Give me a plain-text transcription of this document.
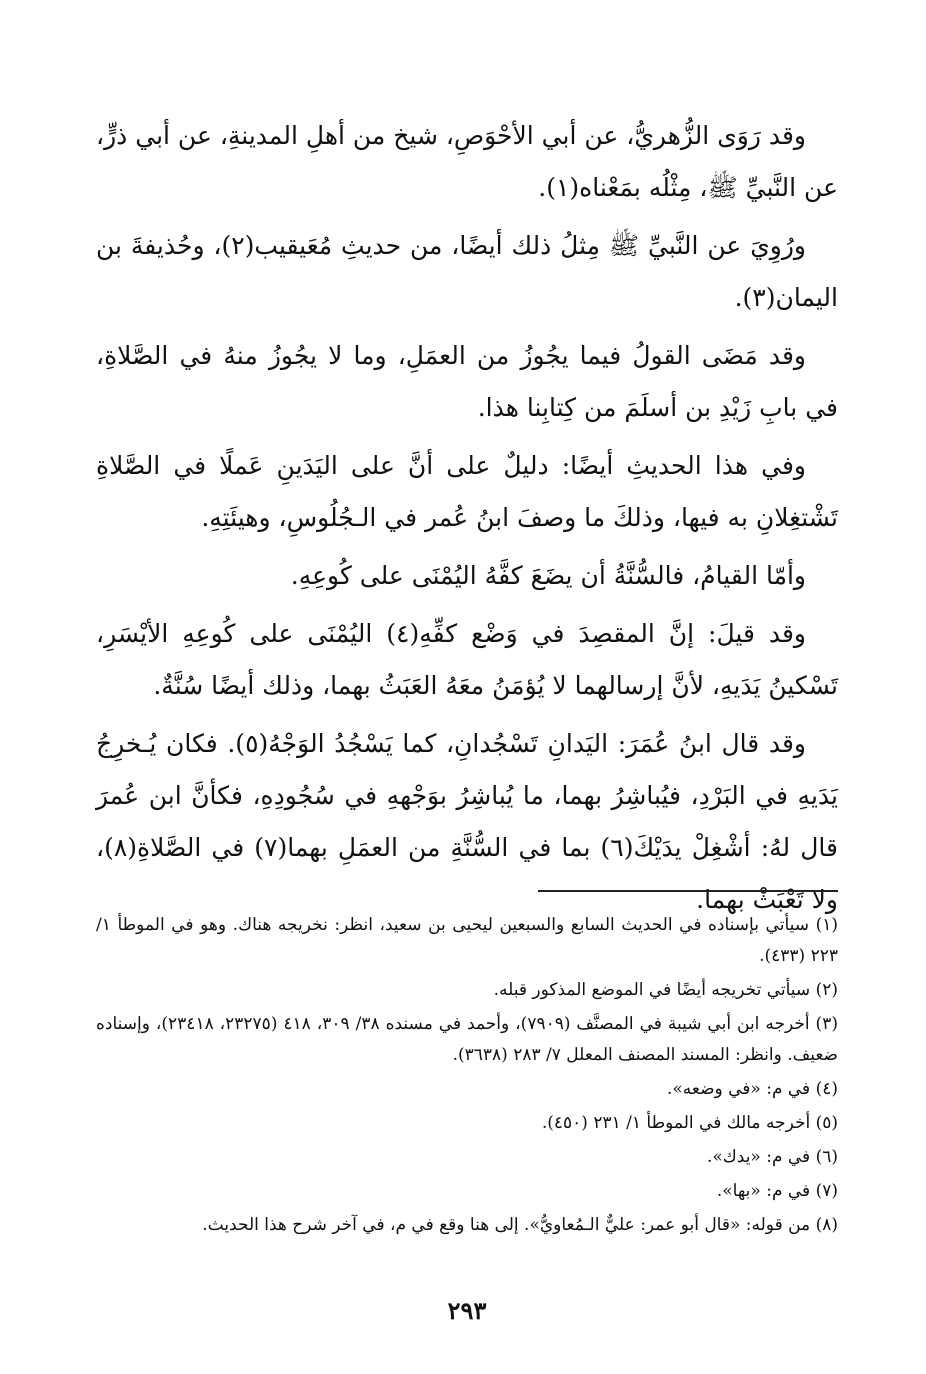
وقد رَوَى الزُّهريُّ، عن أبي الأحْوَصِ، شيخ من أهلِ المدينةِ، عن أبي ذرٍّ، عن النَّبيِّ ﷺ، مِثْلُه بمَعْناه(١).

ورُوِيَ عن النَّبيِّ ﷺ مِثلُ ذلك أيضًا، من حديثِ مُعَيقيب(٢)، وحُذيفةَ بن اليمان(٣).

وقد مَضَى القولُ فيما يجُوزُ من العمَلِ، وما لا يجُوزُ منهُ في الصَّلاةِ، في بابِ زَيْدِ بن أسلَمَ من كِتابِنا هذا.

وفي هذا الحديثِ أيضًا: دليلٌ على أنَّ على اليَدَينِ عَملًا في الصَّلاةِ تَشْتغِلانِ به فيها، وذلكَ ما وصفَ ابنُ عُمر في الـجُلُوسِ، وهيئَتِهِ.

وأمّا القيامُ، فالسُّنَّةُ أن يضَعَ كفَّهُ اليُمْنَى على كُوعِهِ.

وقد قيلَ: إنَّ المقصِدَ في وَضْع كفِّهِ(٤) اليُمْنَى على كُوعِهِ الأيْسَرِ، تَسْكينُ يَدَيهِ، لأنَّ إرسالهما لا يُؤمَنُ معَهُ العَبَثُ بهما، وذلك أيضًا سُنَّةٌ.

وقد قال ابنُ عُمَرَ: اليَدانِ تَسْجُدانِ، كما يَسْجُدُ الوَجْهُ(٥). فكان يُـخرِجُ يَدَيهِ في البَرْدِ، فيُباشِرُ بهما، ما يُباشِرُ بوَجْههِ في سُجُودِهِ، فكأنَّ ابن عُمرَ قال لهُ: أشْغِلْ يدَيْكَ(٦) بما في السُّنَّةِ من العمَلِ بهما(٧) في الصَّلاةِ(٨)، ولا تَعْبَثْ بهما.

(١) سيأتي بإسناده في الحديث السابع والسبعين ليحيى بن سعيد، انظر: نخريجه هناك. وهو في الموطأ ١/ ٢٢٣ (٤٣٣).

(٢) سيأتي تخريجه أيضًا في الموضع المذكور قبله.

(٣) أخرجه ابن أبي شيبة في المصنَّف (٧٩٠٩)، وأحمد في مسنده ٣٨/ ٣٠٩، ٤١٨ (٢٣٢٧٥، ٢٣٤١٨)، وإسناده ضعيف. وانظر: المسند المصنف المعلل ٧/ ٢٨٣ (٣٦٣٨).

(٤) في م: «في وضعه».

(٥) أخرجه مالك في الموطأ ١/ ٢٣١ (٤٥٠).

(٦) في م: «يدك».

(٧) في م: «بها».

(٨) من قوله: «قال أبو عمر: عليٌّ الـمُعاويُّ». إلى هنا وقع في م، في آخر شرح هذا الحديث.

٢٩٣
